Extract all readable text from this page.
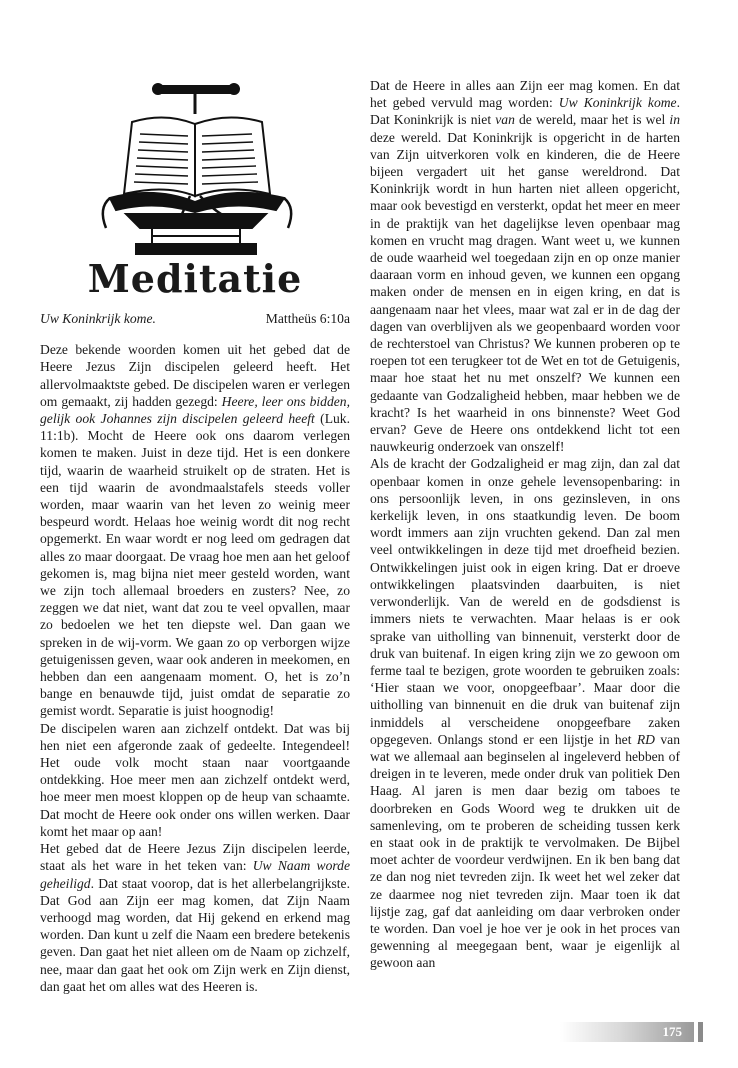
Meditatie
Uw Koninkrijk kome.	Mattheüs 6:10a

Deze bekende woorden komen uit het gebed dat de Heere Jezus Zijn discipelen geleerd heeft. Het allervolmaaktste gebed. De discipelen waren er verlegen om gemaakt, zij hadden gezegd: Heere, leer ons bidden, gelijk ook Johannes zijn discipelen geleerd heeft (Luk. 11:1b). Mocht de Heere ook ons daarom verlegen komen te maken. Juist in deze tijd. Het is een donkere tijd, waarin de waarheid struikelt op de straten. Het is een tijd waarin de avondmaalstafels steeds voller worden, maar waarin van het leven zo weinig meer bespeurd wordt. Helaas hoe weinig wordt dit nog recht opgemerkt. En waar wordt er nog leed om gedragen dat alles zo maar doorgaat. De vraag hoe men aan het geloof gekomen is, mag bijna niet meer gesteld worden, want we zijn toch allemaal broeders en zusters? Nee, zo zeggen we dat niet, want dat zou te veel opvallen, maar zo bedoelen we het ten diepste wel. Dan gaan we spreken in de wij-vorm. We gaan zo op verborgen wijze getuigenissen geven, waar ook anderen in meekomen, en hebben dan een aangenaam moment. O, het is zo’n bange en benauwde tijd, juist omdat de separatie zo gemist wordt. Separatie is juist hoognodig!

De discipelen waren aan zichzelf ontdekt. Dat was bij hen niet een afgeronde zaak of gedeelte. Integendeel! Het oude volk mocht staan naar voortgaande ontdekking. Hoe meer men aan zichzelf ontdekt werd, hoe meer men moest kloppen op de heup van schaamte. Dat mocht de Heere ook onder ons willen werken. Daar komt het maar op aan!

Het gebed dat de Heere Jezus Zijn discipelen leerde, staat als het ware in het teken van: Uw Naam worde geheiligd. Dat staat voorop, dat is het allerbelangrijkste. Dat God aan Zijn eer mag komen, dat Zijn Naam verhoogd mag worden, dat Hij gekend en erkend mag worden. Dan kunt u zelf die Naam een bredere betekenis geven. Dan gaat het niet alleen om de Naam op zichzelf, nee, maar dan gaat het ook om Zijn werk en Zijn dienst, dan gaat het om alles wat des Heeren is.

Dat de Heere in alles aan Zijn eer mag komen. En dat het gebed vervuld mag worden: Uw Koninkrijk kome. Dat Koninkrijk is niet van de wereld, maar het is wel in deze wereld. Dat Koninkrijk is opgericht in de harten van Zijn uitverkoren volk en kinderen, die de Heere bijeen vergadert uit het ganse wereldrond. Dat Koninkrijk wordt in hun harten niet alleen opgericht, maar ook bevestigd en versterkt, opdat het meer en meer in de praktijk van het dagelijkse leven openbaar mag komen en vrucht mag dragen. Want weet u, we kunnen de oude waarheid wel toegedaan zijn en op onze manier daaraan vorm en inhoud geven, we kunnen een opgang maken onder de mensen en in eigen kring, en dat is aangenaam naar het vlees, maar wat zal er in de dag der dagen van overblijven als we geopenbaard worden voor de rechterstoel van Christus? We kunnen proberen op te roepen tot een terugkeer tot de Wet en tot de Getuigenis, maar hoe staat het nu met onszelf? We kunnen een gedaante van Godzaligheid hebben, maar hebben we de kracht? Is het waarheid in ons binnenste? Weet God ervan? Geve de Heere ons ontdekkend licht tot een nauwkeurig onderzoek van onszelf!

Als de kracht der Godzaligheid er mag zijn, dan zal dat openbaar komen in onze gehele levensopenbaring: in ons persoonlijk leven, in ons gezinsleven, in ons kerkelijk leven, in ons staatkundig leven. De boom wordt immers aan zijn vruchten gekend. Dan zal men veel ontwikkelingen in deze tijd met droefheid bezien. Ontwikkelingen juist ook in eigen kring. Dat er droeve ontwikkelingen plaatsvinden daarbuiten, is niet verwonderlijk. Van de wereld en de godsdienst is immers niets te verwachten. Maar helaas is er ook sprake van uitholling van binnenuit, versterkt door de druk van buitenaf. In eigen kring zijn we zo gewoon om ferme taal te bezigen, grote woorden te gebruiken zoals: ‘Hier staan we voor, onopgeefbaar’. Maar door die uitholling van binnenuit en die druk van buitenaf zijn inmiddels al verscheidene onopgeefbare zaken opgegeven. Onlangs stond er een lijstje in het RD van wat we allemaal aan beginselen al ingeleverd hebben of dreigen in te leveren, mede onder druk van politiek Den Haag. Al jaren is men daar bezig om taboes te doorbreken en Gods Woord weg te drukken uit de samenleving, om te proberen de scheiding tussen kerk en staat ook in de praktijk te vervolmaken. De Bijbel moet achter de voordeur verdwijnen. En ik ben bang dat ze dan nog niet tevreden zijn. Ik weet het wel zeker dat ze daarmee nog niet tevreden zijn. Maar toen ik dat lijstje zag, gaf dat aanleiding om daar verbroken onder te worden. Dan voel je hoe ver je ook in het proces van gewenning al meegegaan bent, waar je eigenlijk al gewoon aan

175
